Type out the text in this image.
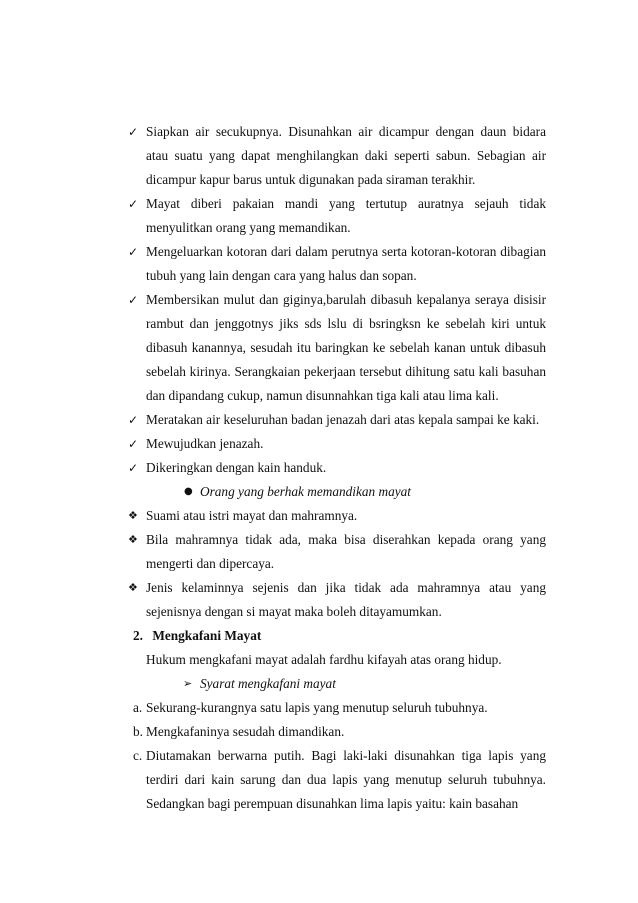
✓ Siapkan air secukupnya. Disunahkan air dicampur dengan daun bidara atau suatu yang dapat menghilangkan daki seperti sabun. Sebagian air dicampur kapur barus untuk digunakan pada siraman terakhir.
✓ Mayat diberi pakaian mandi yang tertutup auratnya sejauh tidak menyulitkan orang yang memandikan.
✓ Mengeluarkan kotoran dari dalam perutnya serta kotoran-kotoran dibagian tubuh yang lain dengan cara yang halus dan sopan.
✓ Membersikan mulut dan giginya,barulah dibasuh kepalanya seraya disisir rambut dan jenggotnys jiks sds lslu di bsringksn ke sebelah kiri untuk dibasuh kanannya, sesudah itu baringkan ke sebelah kanan untuk dibasuh sebelah kirinya. Serangkaian pekerjaan tersebut dihitung satu kali basuhan dan dipandang cukup, namun disunnahkan tiga kali atau lima kali.
✓ Meratakan air keseluruhan badan jenazah dari atas kepala sampai ke kaki.
✓ Mewujudkan jenazah.
✓ Dikeringkan dengan kain handuk.
● Orang yang berhak memandikan mayat
❖ Suami atau istri mayat dan mahramnya.
❖ Bila mahramnya tidak ada, maka bisa diserahkan kepada orang yang mengerti dan dipercaya.
❖ Jenis kelaminnya sejenis dan jika tidak ada mahramnya atau yang sejenisnya dengan si mayat maka boleh ditayamumkan.
2. Mengkafani Mayat
Hukum mengkafani mayat adalah fardhu kifayah atas orang hidup.
➢ Syarat mengkafani mayat
a. Sekurang-kurangnya satu lapis yang menutup seluruh tubuhnya.
b. Mengkafaninya sesudah dimandikan.
c. Diutamakan berwarna putih. Bagi laki-laki disunahkan tiga lapis yang terdiri dari kain sarung dan dua lapis yang menutup seluruh tubuhnya. Sedangkan bagi perempuan disunahkan lima lapis yaitu: kain basahan
